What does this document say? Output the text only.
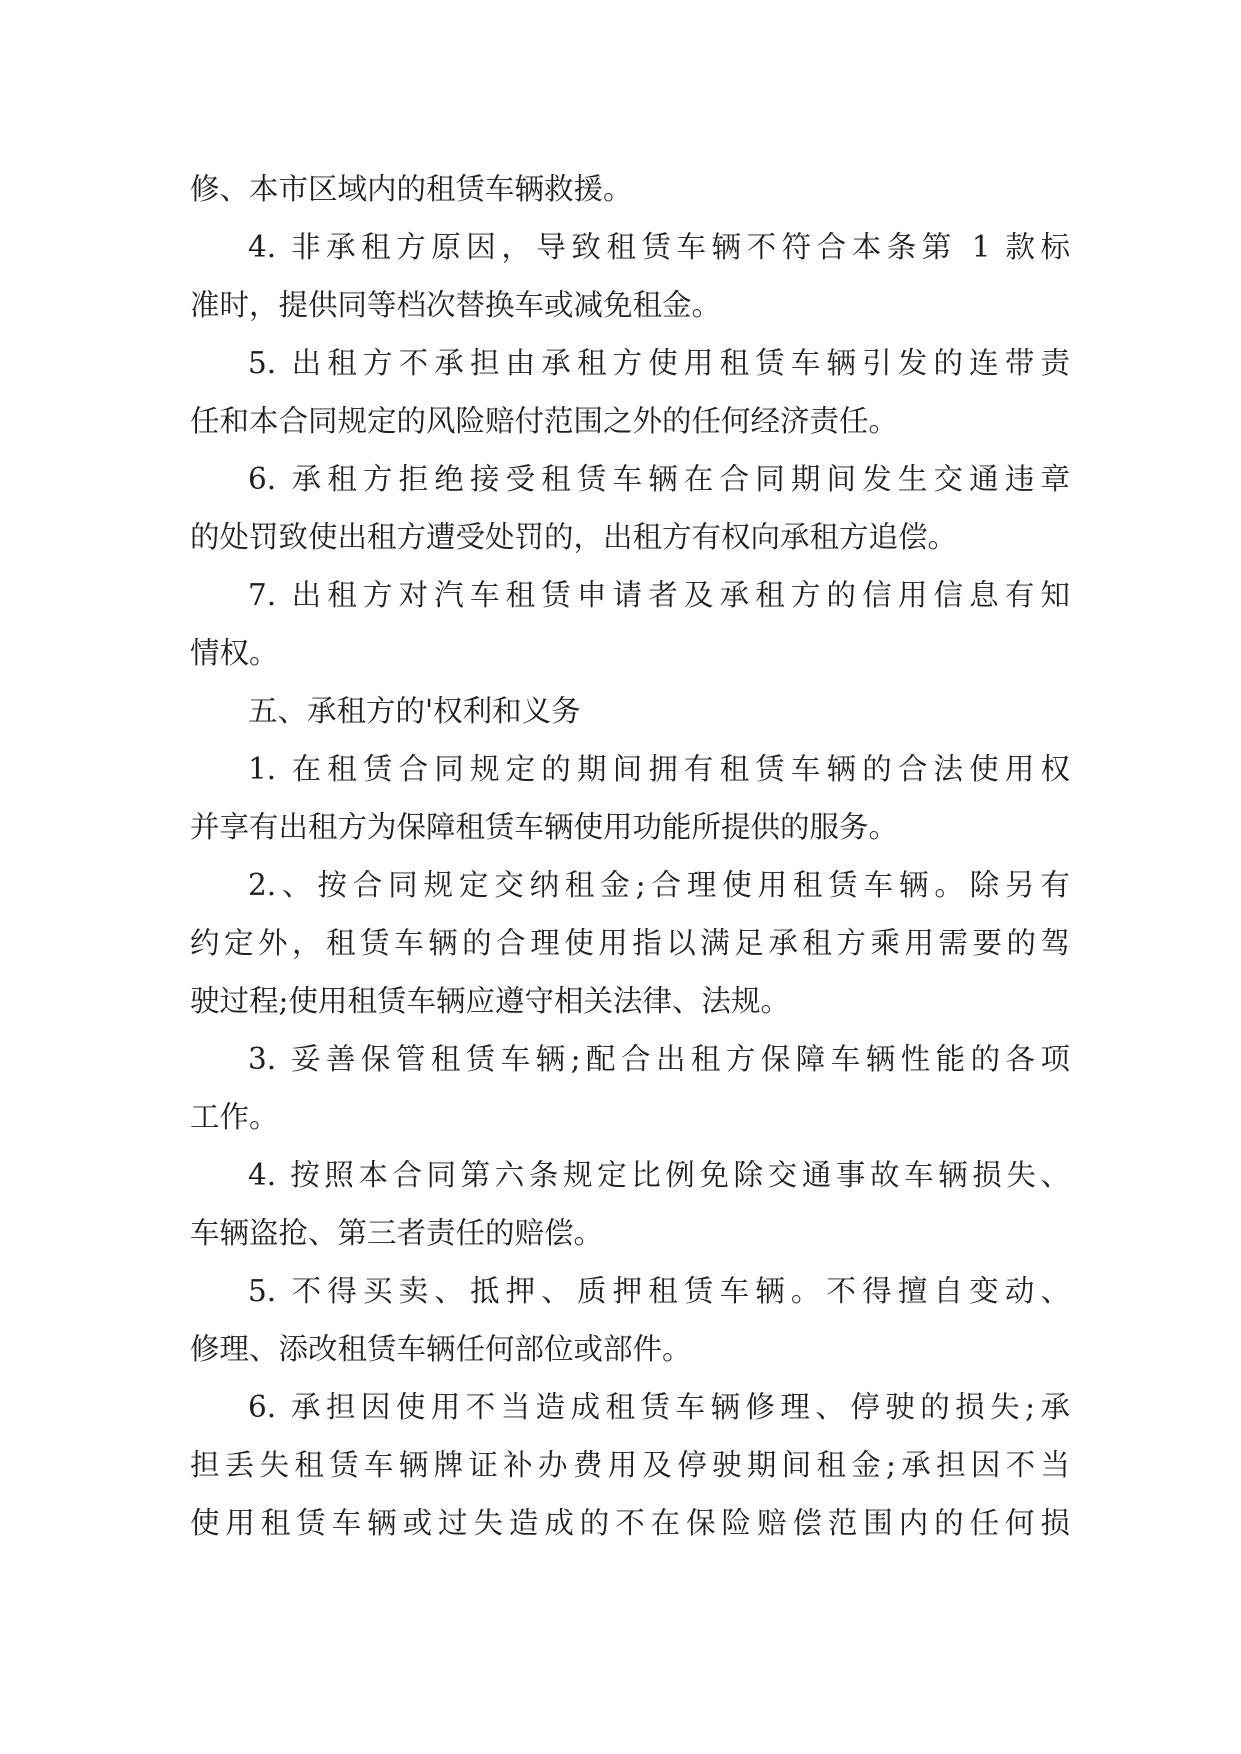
修、本市区域内的租赁车辆救援。
4. 非承租方原因，导致租赁车辆不符合本条第 1 款标
准时，提供同等档次替换车或减免租金。
5. 出租方不承担由承租方使用租赁车辆引发的连带责
任和本合同规定的风险赔付范围之外的任何经济责任。
6. 承租方拒绝接受租赁车辆在合同期间发生交通违章
的处罚致使出租方遭受处罚的，出租方有权向承租方追偿。
7. 出租方对汽车租赁申请者及承租方的信用信息有知
情权。
五、承租方的'权利和义务
1. 在租赁合同规定的期间拥有租赁车辆的合法使用权
并享有出租方为保障租赁车辆使用功能所提供的服务。
2.、按合同规定交纳租金;合理使用租赁车辆。除另有
约定外，租赁车辆的合理使用指以满足承租方乘用需要的驾
驶过程;使用租赁车辆应遵守相关法律、法规。
3. 妥善保管租赁车辆;配合出租方保障车辆性能的各项
工作。
4. 按照本合同第六条规定比例免除交通事故车辆损失、
车辆盗抢、第三者责任的赔偿。
5. 不得买卖、抵押、质押租赁车辆。不得擅自变动、
修理、添改租赁车辆任何部位或部件。
6. 承担因使用不当造成租赁车辆修理、停驶的损失;承
担丢失租赁车辆牌证补办费用及停驶期间租金;承担因不当
使用租赁车辆或过失造成的不在保险赔偿范围内的任何损
